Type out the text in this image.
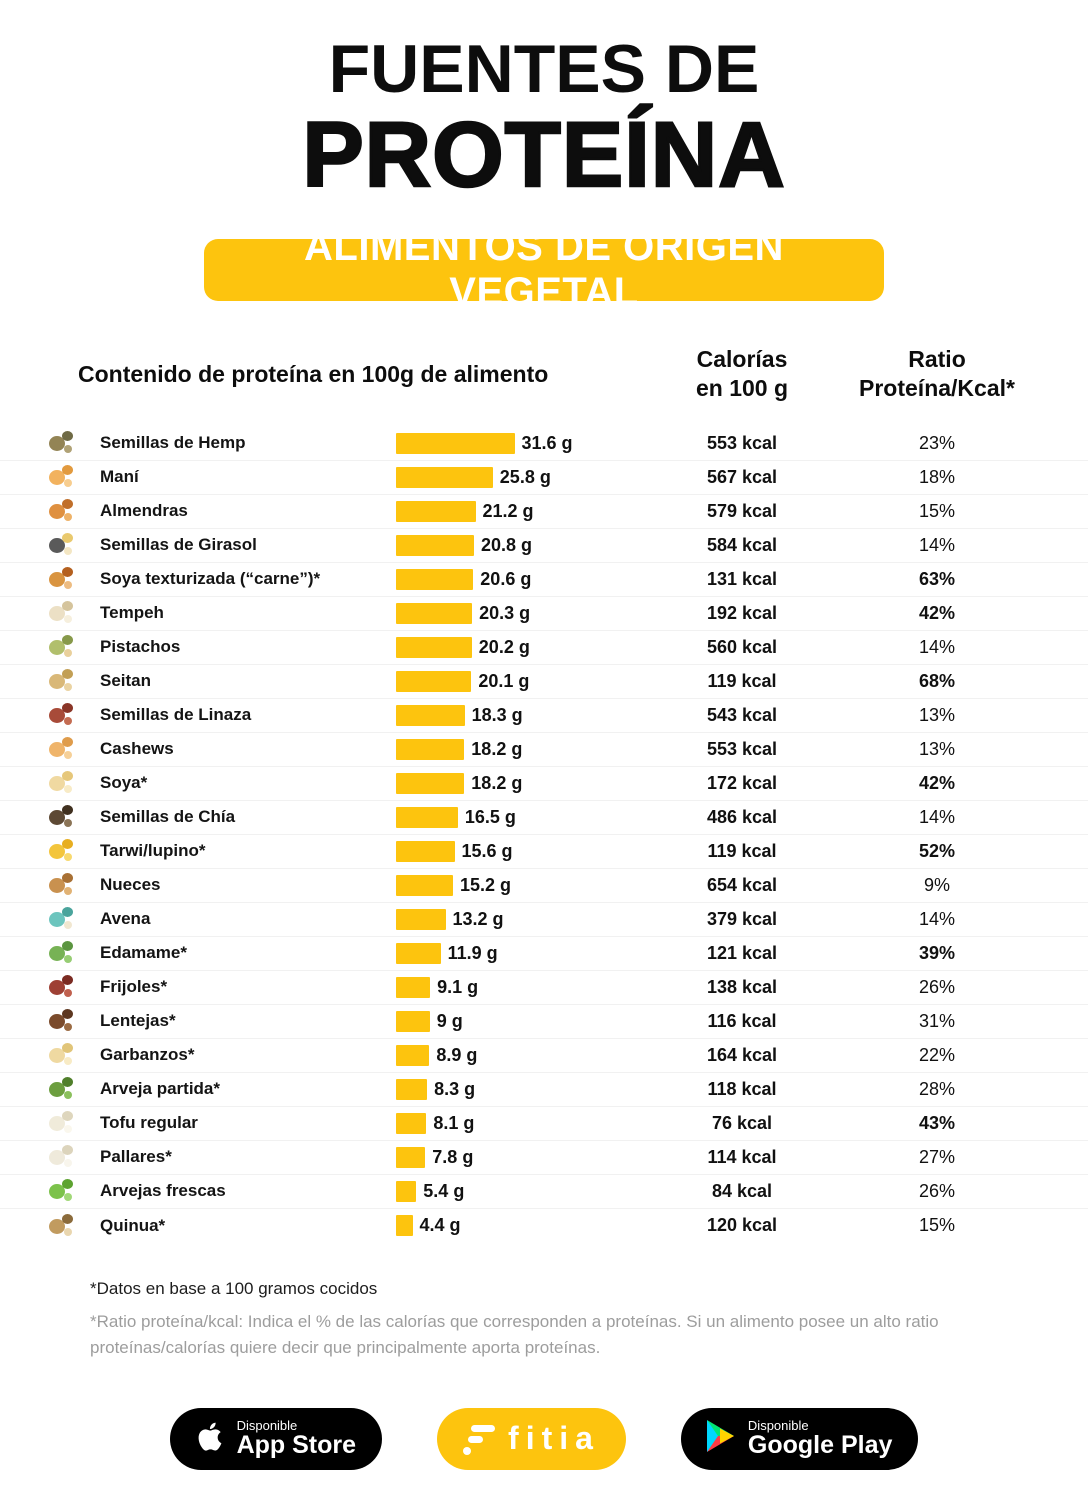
FUENTES DE
PROTEÍNA
ALIMENTOS DE ORIGEN VEGETAL
Contenido de proteína en 100g de alimento
Calorías
en 100 g
Ratio
Proteína/Kcal*
Semillas de Hemp	31.6 g	553 kcal	23%
Maní	25.8 g	567 kcal	18%
Almendras	21.2 g	579 kcal	15%
Semillas de Girasol	20.8 g	584 kcal	14%
Soya texturizada (“carne”)*	20.6 g	131 kcal	63%
Tempeh	20.3 g	192 kcal	42%
Pistachos	20.2 g	560 kcal	14%
Seitan	20.1 g	119 kcal	68%
Semillas de Linaza	18.3 g	543 kcal	13%
Cashews	18.2 g	553 kcal	13%
Soya*	18.2 g	172 kcal	42%
Semillas de Chía	16.5 g	486 kcal	14%
Tarwi/lupino*	15.6 g	119 kcal	52%
Nueces	15.2 g	654 kcal	9%
Avena	13.2 g	379 kcal	14%
Edamame*	11.9 g	121 kcal	39%
Frijoles*	9.1 g	138 kcal	26%
Lentejas*	9 g	116 kcal	31%
Garbanzos*	8.9 g	164 kcal	22%
Arveja partida*	8.3 g	118 kcal	28%
Tofu regular	8.1 g	76 kcal	43%
Pallares*	7.8 g	114 kcal	27%
Arvejas frescas	5.4 g	84 kcal	26%
Quinua*	4.4 g	120 kcal	15%
*Datos en base a 100 gramos cocidos
*Ratio proteína/kcal: Indica el % de las calorías que corresponden a proteínas. Si un alimento posee un alto ratio proteínas/calorías quiere decir que principalmente aporta proteínas.
Disponible
App Store	fitia	Disponible
Google Play
